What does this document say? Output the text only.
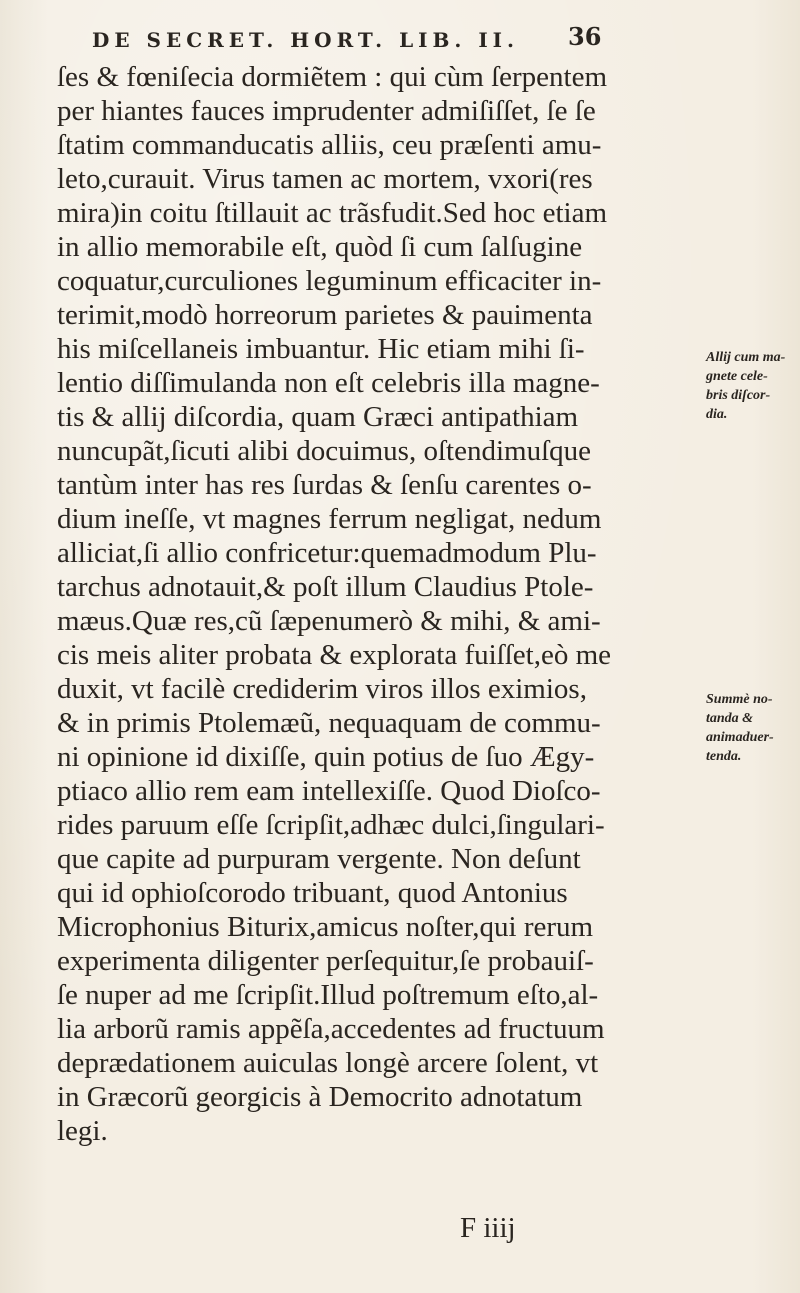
DE SECRET. HORT. LIB. II. 36
ſes & fœniſecia dormiẽtem : qui cùm ſerpentem
per hiantes fauces imprudenter admiſiſſet, ſe ſe
ſtatim commanducatis alliis, ceu præſenti amu-
leto,curauit. Virus tamen ac mortem, vxori(res
mira)in coitu ſtillauit ac trãsfudit.Sed hoc etiam
in allio memorabile eſt, quòd ſi cum ſalſugine
coquatur,curculiones leguminum efficaciter in-
terimit,modò horreorum parietes & pauimenta
his miſcellaneis imbuantur. Hic etiam mihi ſi-
lentio diſſimulanda non eſt celebris illa magne-
tis & allij diſcordia, quam Græci antipathiam
nuncupãt,ſicuti alibi docuimus, oſtendimuſque
tantùm inter has res ſurdas & ſenſu carentes o-
dium ineſſe, vt magnes ferrum negligat, nedum
alliciat,ſi allio confricetur:quemadmodum Plu-
tarchus adnotauit,& poſt illum Claudius Ptole-
mæus.Quæ res,cũ ſæpenumerò & mihi, & ami-
cis meis aliter probata & explorata fuiſſet,eò me
duxit, vt facilè crediderim viros illos eximios,
& in primis Ptolemæũ, nequaquam de commu-
ni opinione id dixiſſe, quin potius de ſuo Ægy-
ptiaco allio rem eam intellexiſſe. Quod Dioſco-
rides paruum eſſe ſcripſit,adhæc dulci,ſingulari-
que capite ad purpuram vergente. Non deſunt
qui id ophioſcorodo tribuant, quod Antonius
Microphonius Biturix,amicus noſter,qui rerum
experimenta diligenter perſequitur,ſe probauiſ-
ſe nuper ad me ſcripſit.Illud poſtremum eſto,al-
lia arborũ ramis appẽſa,accedentes ad fructuum
deprædationem auiculas longè arcere ſolent, vt
in Græcorũ georgicis à Democrito adnotatum
legi.
Allij cum ma-
gnete cele-
bris diſcor-
dia.
Summè no-
tanda &
animaduer-
tenda.
F iiij
